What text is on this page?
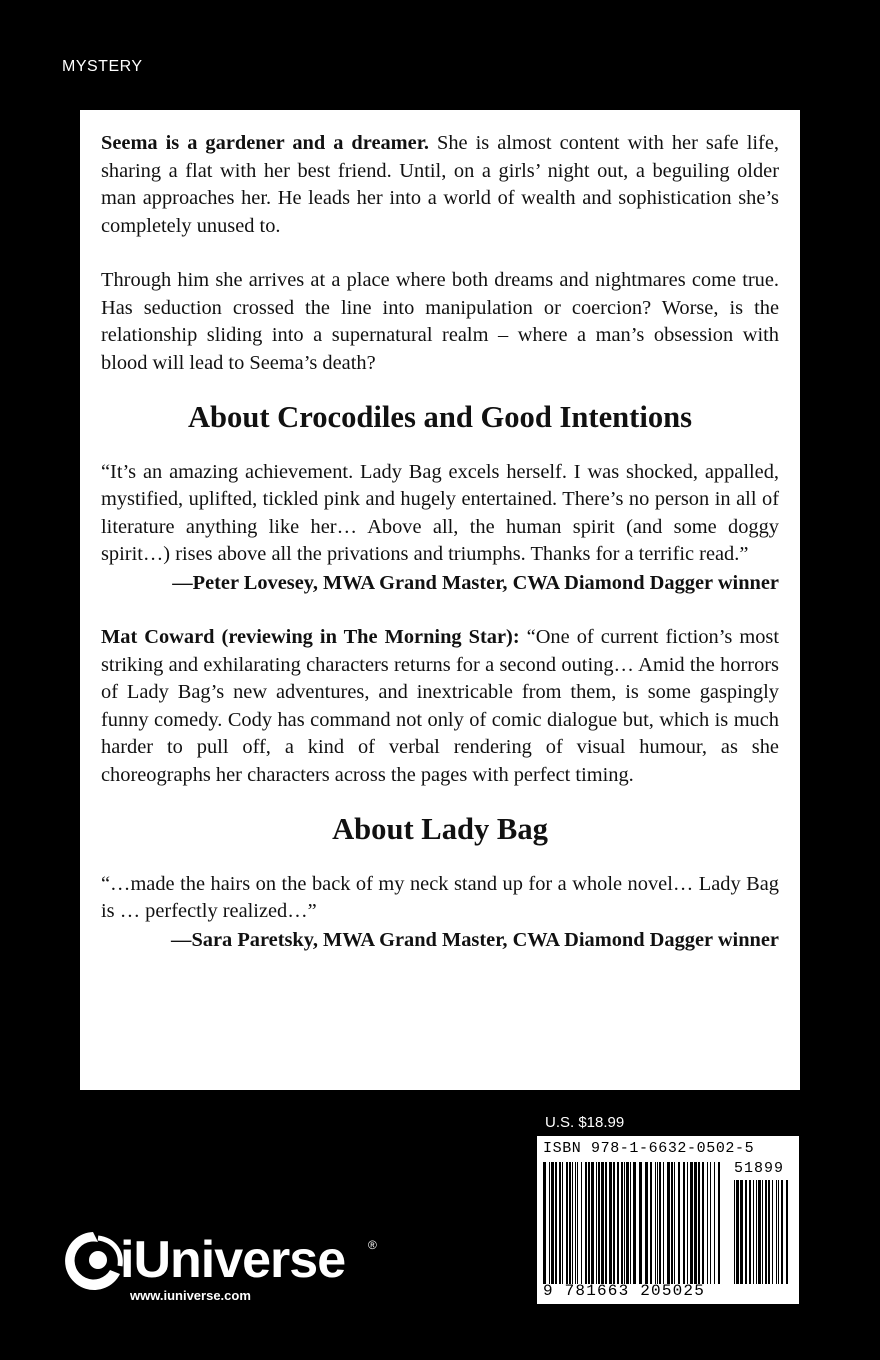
MYSTERY

Seema is a gardener and a dreamer. She is almost content with her safe life, sharing a flat with her best friend. Until, on a girls’ night out, a beguiling older man approaches her. He leads her into a world of wealth and sophistication she’s completely unused to.

Through him she arrives at a place where both dreams and nightmares come true. Has seduction crossed the line into manipulation or coercion? Worse, is the relationship sliding into a supernatural realm – where a man’s obsession with blood will lead to Seema’s death?

About Crocodiles and Good Intentions

“It’s an amazing achievement. Lady Bag excels herself. I was shocked, appalled, mystified, uplifted, tickled pink and hugely entertained. There’s no person in all of literature anything like her… Above all, the human spirit (and some doggy spirit…) rises above all the privations and triumphs. Thanks for a terrific read.”

—Peter Lovesey, MWA Grand Master, CWA Diamond Dagger winner

Mat Coward (reviewing in The Morning Star): “One of current fiction’s most striking and exhilarating characters returns for a second outing… Amid the horrors of Lady Bag’s new adventures, and inextricable from them, is some gaspingly funny comedy. Cody has command not only of comic dialogue but, which is much harder to pull off, a kind of verbal rendering of visual humour, as she choreographs her characters across the pages with perfect timing.

About Lady Bag

“…made the hairs on the back of my neck stand up for a whole novel… Lady Bag is … perfectly realized…”

—Sara Paretsky, MWA Grand Master, CWA Diamond Dagger winner

U.S. $18.99
ISBN 978-1-6632-0502-5
51899
9 781663 205025
iUniverse ®
www.iuniverse.com
